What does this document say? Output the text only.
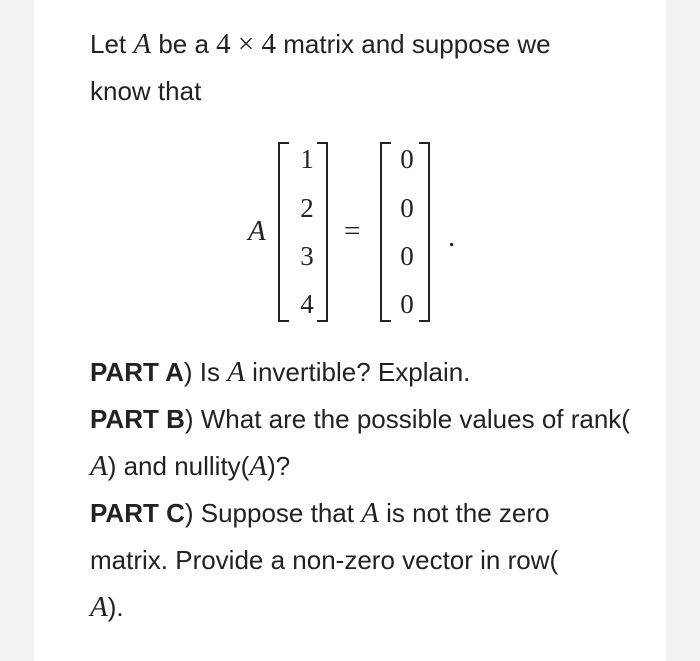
Let A be a 4 × 4 matrix and suppose we
know that
A
1
2
3
4
=
0
0
0
0
.
PART A) Is A invertible? Explain.
PART B) What are the possible values of rank(
A) and nullity(A)?
PART C) Suppose that A is not the zero
matrix. Provide a non-zero vector in row(
A).
